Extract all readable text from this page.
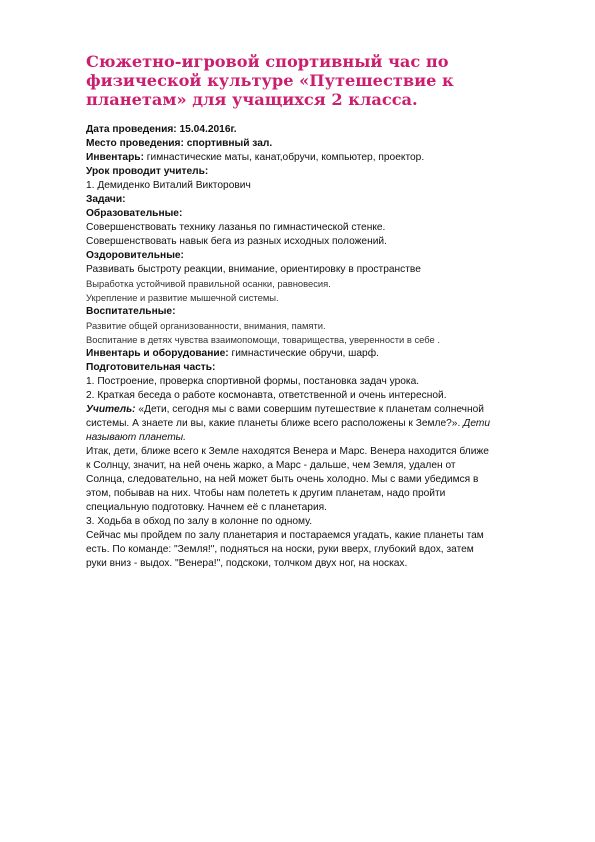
Сюжетно-игровой спортивный час по
физической культуре «Путешествие к
планетам» для учащихся 2 класса.
Дата проведения: 15.04.2016г.
Место проведения: спортивный зал.
Инвентарь: гимнастические маты, канат,обручи, компьютер, проектор.
Урок проводит учитель:
1. Демиденко Виталий Викторович
Задачи:
Образовательные:
Совершенствовать технику лазанья по гимнастической стенке.
Совершенствовать навык бега из разных исходных положений.
Оздоровительные:
Развивать быстроту реакции, внимание, ориентировку в пространстве
Выработка устойчивой правильной осанки, равновесия.
Укрепление и развитие мышечной системы.
Воспитательные:
Развитие общей организованности, внимания, памяти.
Воспитание в детях чувства взаимопомощи, товарищества, уверенности в себе .
Инвентарь и оборудование: гимнастические обручи, шарф.
Подготовительная часть:
1. Построение, проверка спортивной формы, постановка задач урока.
2. Краткая беседа о работе космонавта, ответственной и очень интересной.
Учитель: «Дети, сегодня мы с вами совершим путешествие к планетам солнечной
системы. А знаете ли вы, какие планеты ближе всего расположены к Земле?». Дети
называют планеты.
Итак, дети, ближе всего к Земле находятся Венера и Марс. Венера находится ближе
к Солнцу, значит, на ней очень жарко, а Марс - дальше, чем Земля, удален от
Солнца, следовательно, на ней может быть очень холодно. Мы с вами убедимся в
этом, побывав на них. Чтобы нам полететь к другим планетам, надо пройти
специальную подготовку. Начнем её с планетария.
3. Ходьба в обход по залу в колонне по одному.
Сейчас мы пройдем по залу планетария и постараемся угадать, какие планеты там
есть. По команде: "Земля!", подняться на носки, руки вверх, глубокий вдох, затем
руки вниз - выдох. "Венера!", подскоки, толчком двух ног, на носках.
